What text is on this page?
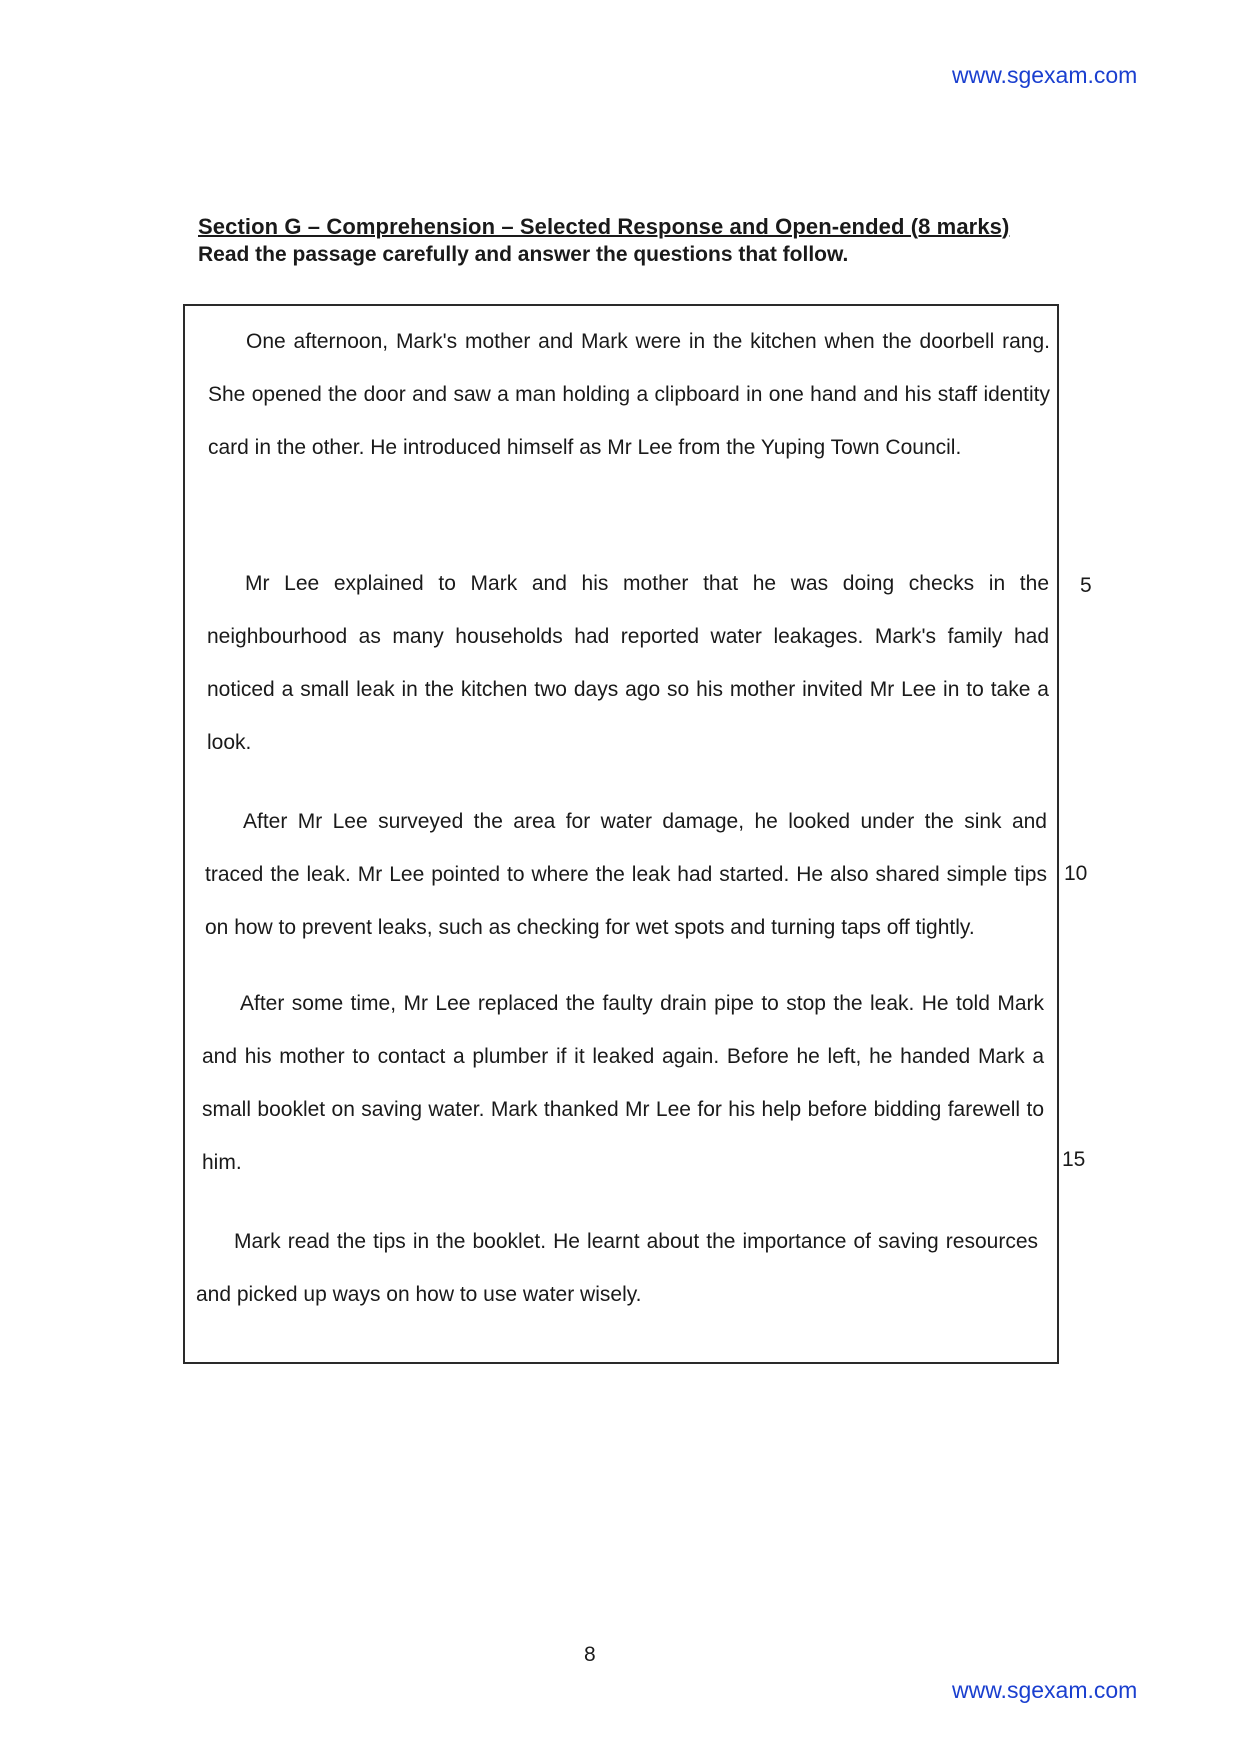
www.sgexam.com
Section G – Comprehension – Selected Response and Open-ended (8 marks)
Read the passage carefully and answer the questions that follow.

One afternoon, Mark's mother and Mark were in the kitchen when the doorbell rang. She opened the door and saw a man holding a clipboard in one hand and his staff identity card in the other. He introduced himself as Mr Lee from the Yuping Town Council.

Mr Lee explained to Mark and his mother that he was doing checks in the neighbourhood as many households had reported water leakages. Mark's family had noticed a small leak in the kitchen two days ago so his mother invited Mr Lee in to take a look.

After Mr Lee surveyed the area for water damage, he looked under the sink and traced the leak. Mr Lee pointed to where the leak had started. He also shared simple tips on how to prevent leaks, such as checking for wet spots and turning taps off tightly.

After some time, Mr Lee replaced the faulty drain pipe to stop the leak. He told Mark and his mother to contact a plumber if it leaked again. Before he left, he handed Mark a small booklet on saving water. Mark thanked Mr Lee for his help before bidding farewell to him.

Mark read the tips in the booklet. He learnt about the importance of saving resources and picked up ways on how to use water wisely.

5
10
15
8
www.sgexam.com
